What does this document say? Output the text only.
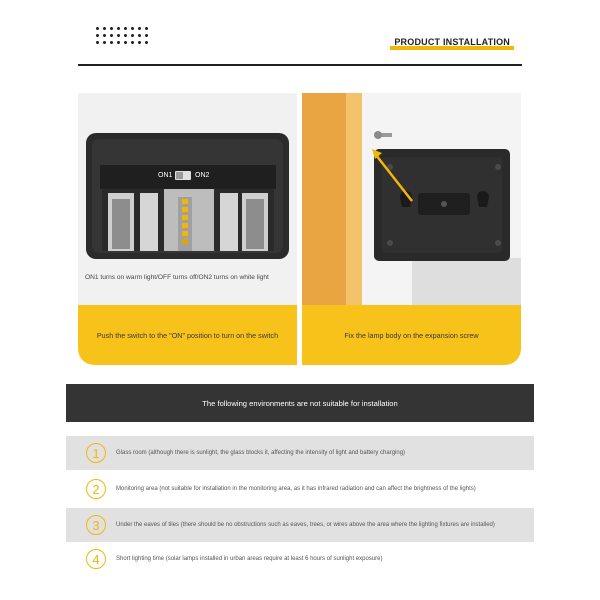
PRODUCT INSTALLATION
ON1	ON2
ON1 turns on warm light/OFF turns off/ON2 turns on white light
Push the switch to the "ON" position to turn on the switch	Fix the lamp body on the expansion screw
The following environments are not suitable for installation
1	Glass room (although there is sunlight, the glass blocks it, affecting the intensity of light and battery charging)
2	Monitoring area (not suitable for installation in the monitoring area, as it has infrared radiation and can affect the brightness of the lights)
3	Under the eaves of tiles (there should be no obstructions such as eaves, trees, or wires above the area where the lighting fixtures are installed)
4	Short lighting time (solar lamps installed in urban areas require at least 6 hours of sunlight exposure)
